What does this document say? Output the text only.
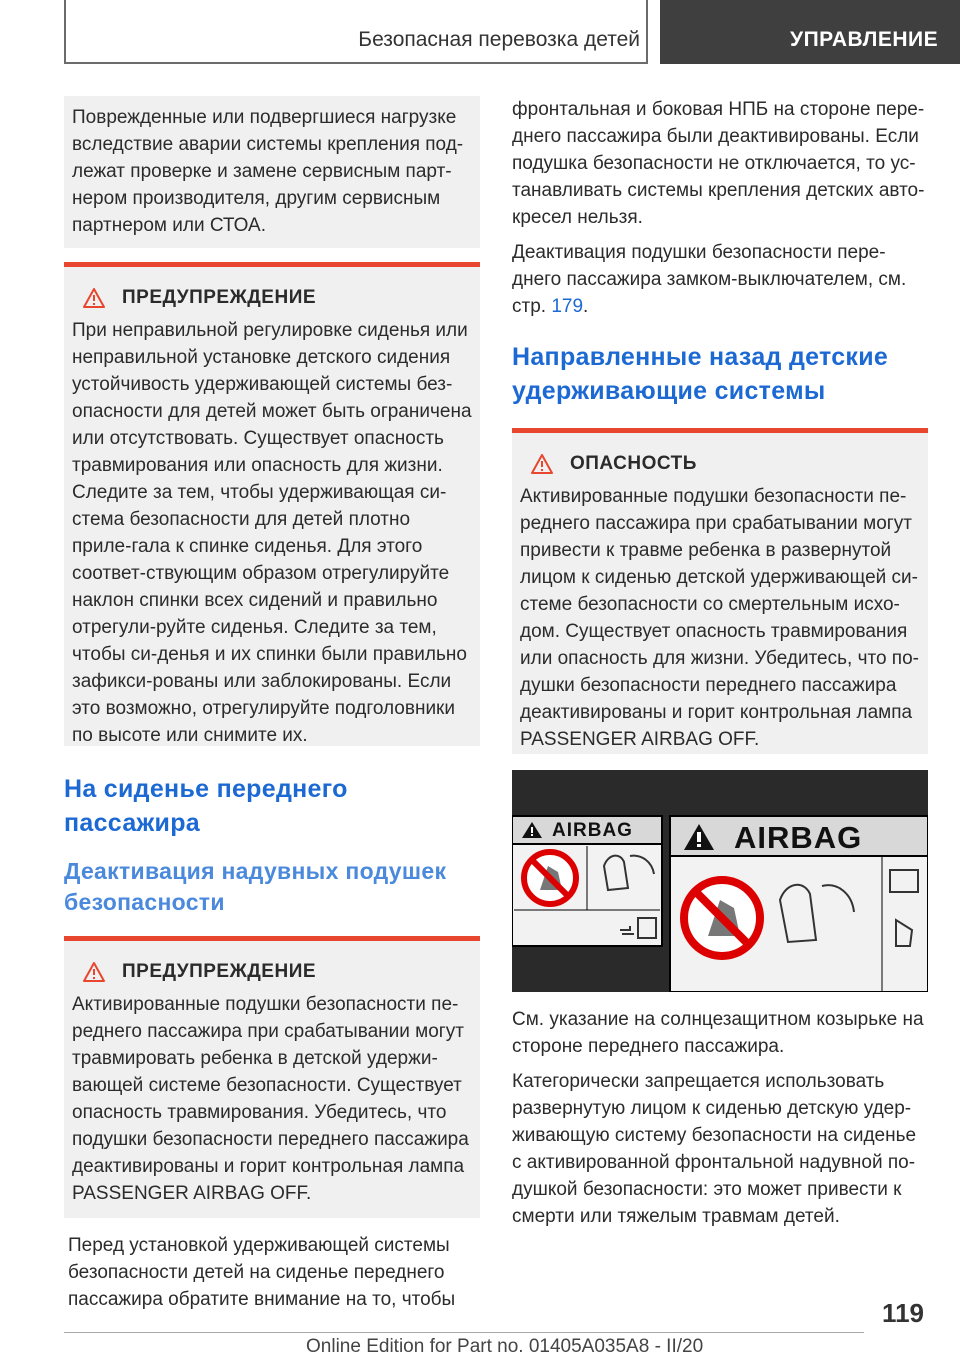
Безопасная перевозка детей	УПРАВЛЕНИЕ

Поврежденные или подвергшиеся нагрузке вследствие аварии системы крепления под-лежат проверке и замене сервисным парт-нером производителя, другим сервисным партнером или СТОА.

ПРЕДУПРЕЖДЕНИЕ

При неправильной регулировке сиденья или неправильной установке детского сидения устойчивость удерживающей системы без-опасности для детей может быть ограничена или отсутствовать. Существует опасность травмирования или опасность для жизни. Следите за тем, чтобы удерживающая си-стема безопасности для детей плотно приле-гала к спинке сиденья. Для этого соответ-ствующим образом отрегулируйте наклон спинки всех сидений и правильно отрегули-руйте сиденья. Следите за тем, чтобы си-денья и их спинки были правильно зафикси-рованы или заблокированы. Если это возможно, отрегулируйте подголовники по высоте или снимите их.

На сиденье переднего пассажира
Деактивация надувных подушек безопасности
ПРЕДУПРЕЖДЕНИЕ

Активированные подушки безопасности пе-реднего пассажира при срабатывании могут травмировать ребенка в детской удержи-вающей системе безопасности. Существует опасность травмирования. Убедитесь, что подушки безопасности переднего пассажира деактивированы и горит контрольная лампа PASSENGER AIRBAG OFF.

Перед установкой удерживающей системы безопасности детей на сиденье переднего пассажира обратите внимание на то, чтобы

фронтальная и боковая НПБ на стороне пере-днего пассажира были деактивированы. Если подушка безопасности не отключается, то ус-танавливать системы крепления детских авто-кресел нельзя.

Деактивация подушки безопасности пере-днего пассажира замком-выключателем, см. стр. 179.

Направленные назад детские удерживающие системы
ОПАСНОСТЬ

Активированные подушки безопасности пе-реднего пассажира при срабатывании могут привести к травме ребенка в развернутой лицом к сиденью детской удерживающей си-стеме безопасности со смертельным исхо-дом. Существует опасность травмирования или опасность для жизни. Убедитесь, что по-душки безопасности переднего пассажира деактивированы и горит контрольная лампа PASSENGER AIRBAG OFF.

AIRBAG	AIRBAG

См. указание на солнцезащитном козырьке на стороне переднего пассажира.

Категорически запрещается использовать развернутую лицом к сиденью детскую удер-живающую систему безопасности на сиденье с активированной фронтальной надувной по-душкой безопасности: это может привести к смерти или тяжелым травмам детей.

119
Online Edition for Part no. 01405A035A8 - II/20
